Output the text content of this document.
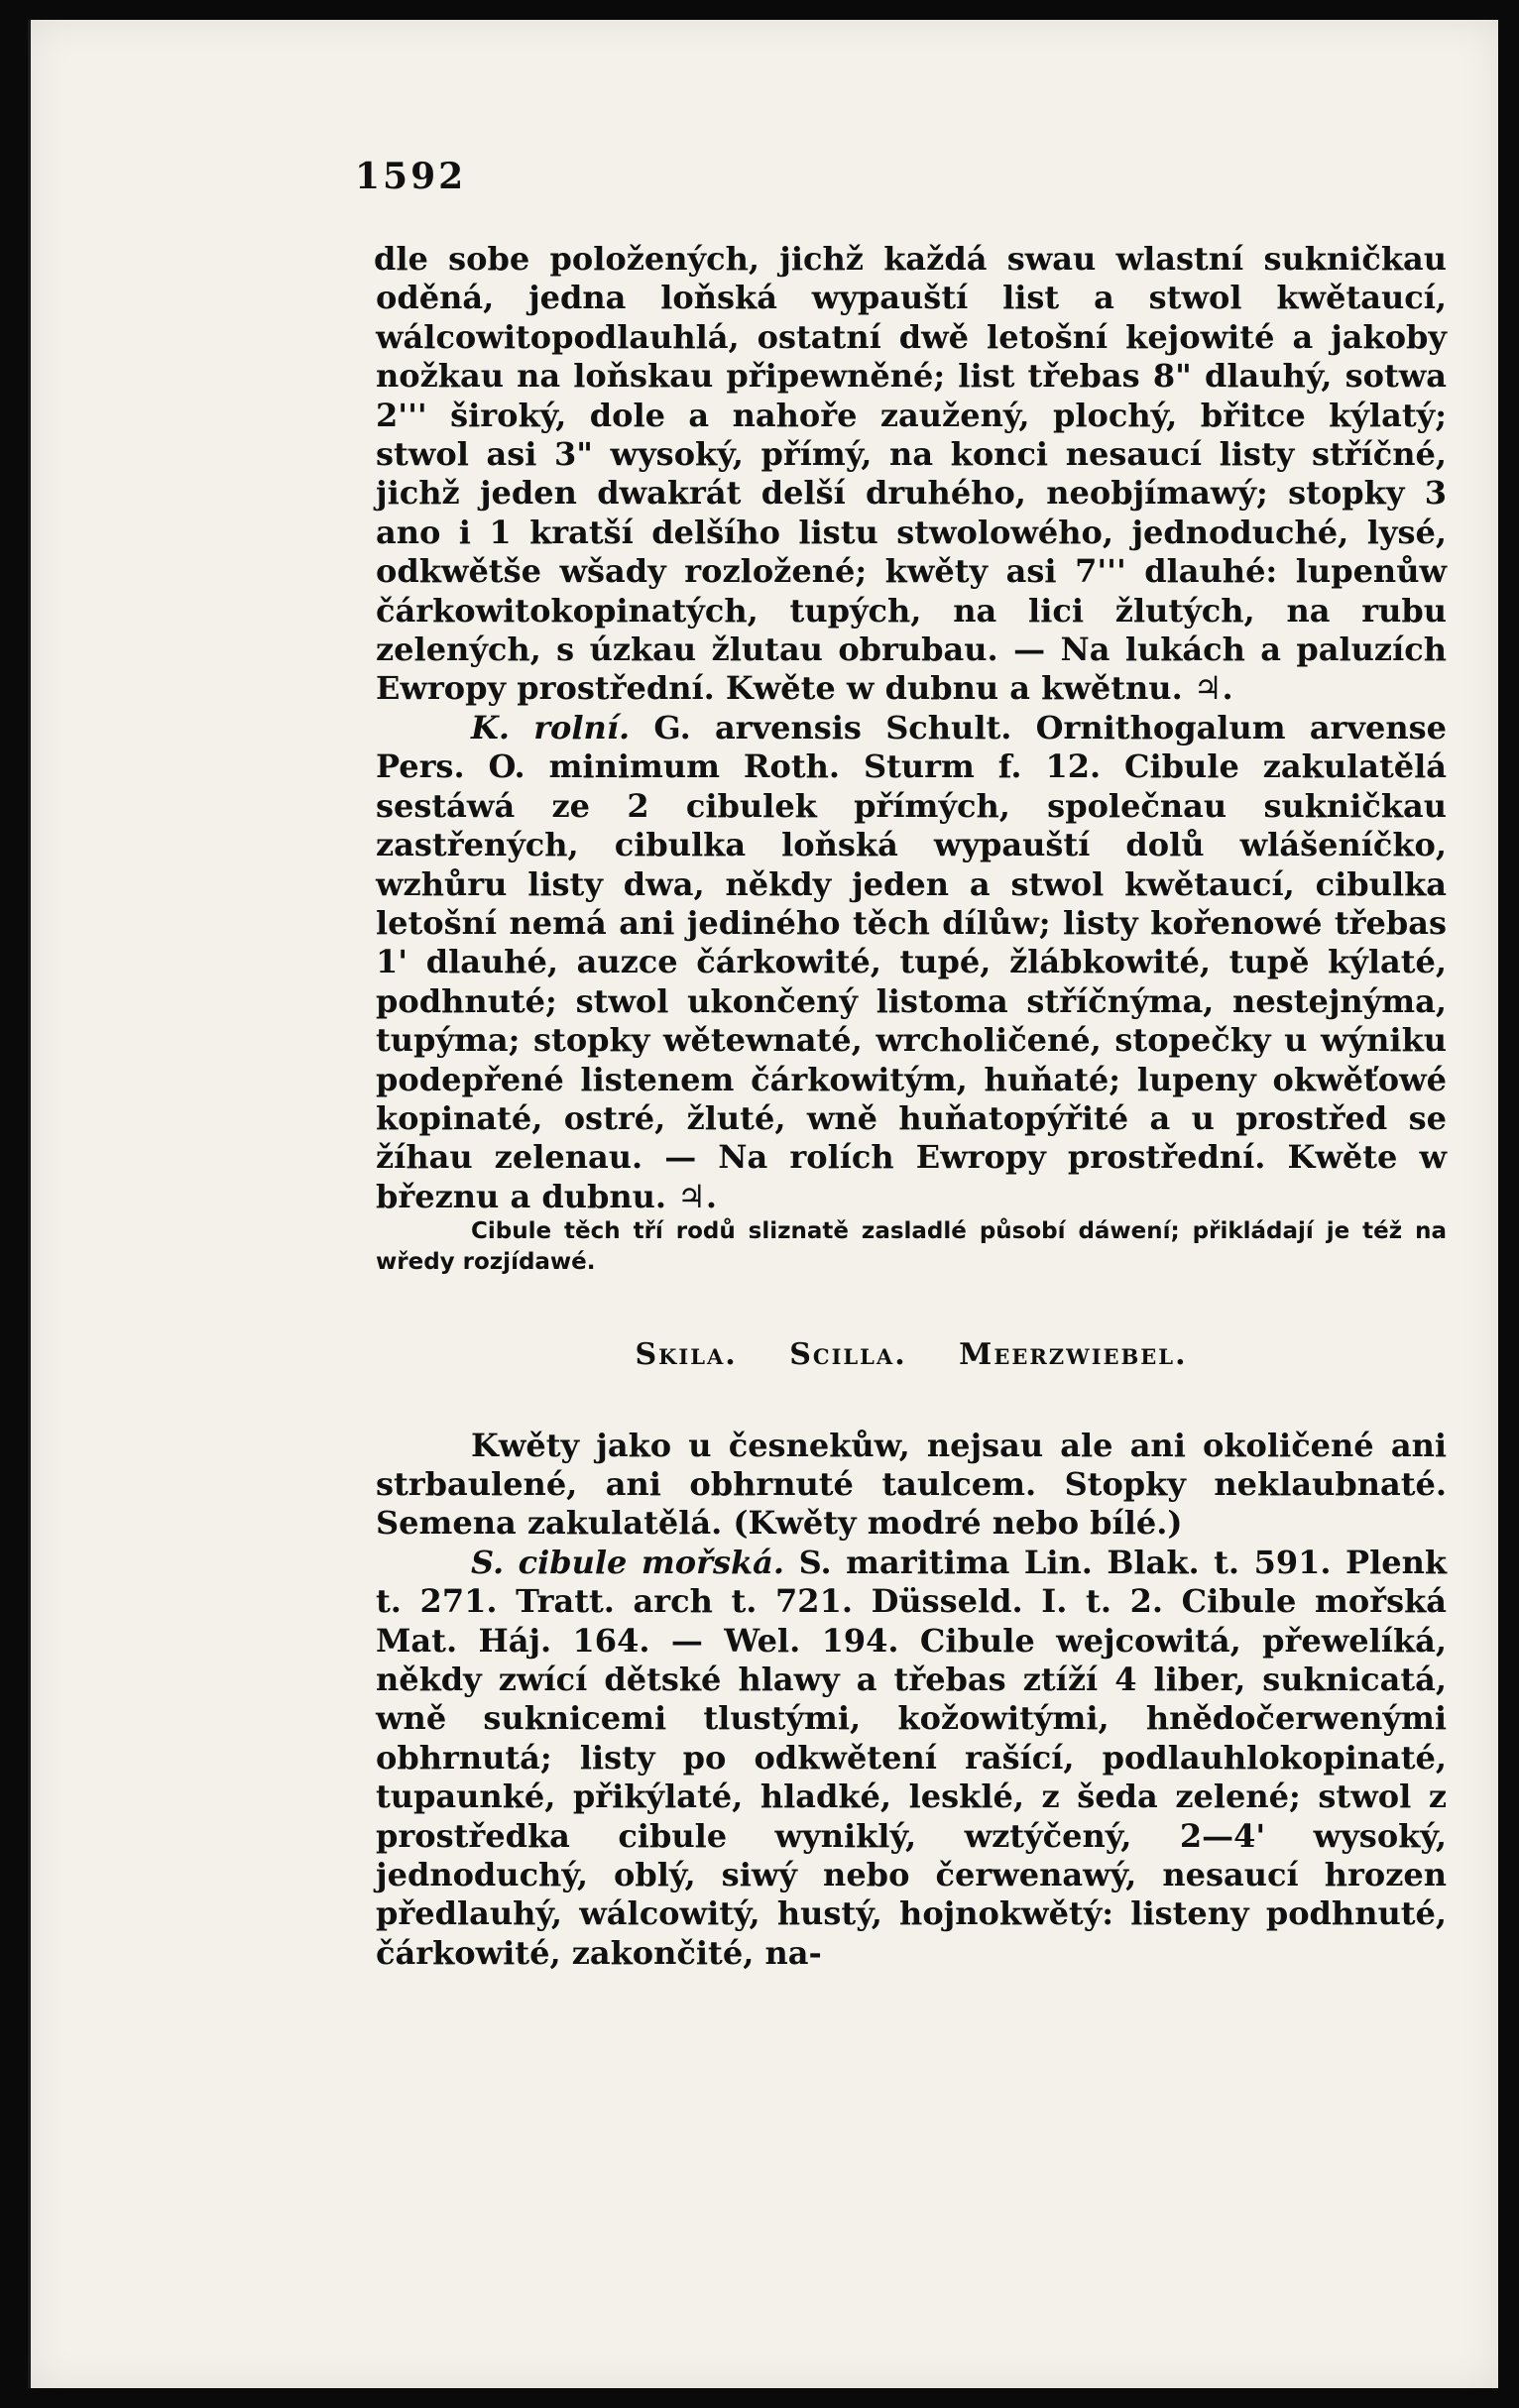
1592

dle sobe položených, jichž každá swau wlastní sukničkau oděná, jedna loňská wypauští list a stwol kwětaucí, wálcowitopodlauhlá, ostatní dwě letošní kejowité a jakoby nožkau na loňskau připewněné; list třebas 8" dlauhý, sotwa 2''' široký, dole a nahoře zaužený, plochý, břitce kýlatý; stwol asi 3" wysoký, přímý, na konci nesaucí listy stříčné, jichž jeden dwakrát delší druhého, neobjímawý; stopky 3 ano i 1 kratší delšího listu stwolowého, jednoduché, lysé, odkwětše wšady rozložené; kwěty asi 7''' dlauhé: lupenůw čárkowitokopinatých, tupých, na lici žlutých, na rubu zelených, s úzkau žlutau obrubau. — Na lukách a paluzích Ewropy prostřední. Kwěte w dubnu a kwětnu. ♃.

K. rolní. G. arvensis Schult. Ornithogalum arvense Pers. O. minimum Roth. Sturm f. 12. Cibule zakulatělá sestáwá ze 2 cibulek přímých, společnau sukničkau zastřených, cibulka loňská wypauští dolů wlášeníčko, wzhůru listy dwa, někdy jeden a stwol kwětaucí, cibulka letošní nemá ani jediného těch dílůw; listy kořenowé třebas 1' dlauhé, auzce čárkowité, tupé, žlábkowité, tupě kýlaté, podhnuté; stwol ukončený listoma stříčnýma, nestejnýma, tupýma; stopky wětewnaté, wrcholičené, stopečky u wýniku podepřené listenem čárkowitým, huňaté; lupeny okwěťowé kopinaté, ostré, žluté, wně huňatopýřité a u prostřed se žíhau zelenau. — Na rolích Ewropy prostřední. Kwěte w březnu a dubnu. ♃.

Cibule těch tří rodů sliznatě zasladlé působí dáwení; přikládají je též na wředy rozjídawé.

Skila. Scilla. Meerzwiebel.

Kwěty jako u česnekůw, nejsau ale ani okoličené ani strbaulené, ani obhrnuté taulcem. Stopky neklaubnaté. Semena zakulatělá. (Kwěty modré nebo bílé.)

S. cibule mořská. S. maritima Lin. Blak. t. 591. Plenk t. 271. Tratt. arch t. 721. Düsseld. I. t. 2. Cibule mořská Mat. Háj. 164. — Wel. 194. Cibule wejcowitá, přewelíká, někdy zwící dětské hlawy a třebas ztíží 4 liber, suknicatá, wně suknicemi tlustými, kožowitými, hnědočerwenými obhrnutá; listy po odkwětení rašící, podlauhlokopinaté, tupaunké, přikýlaté, hladké, lesklé, z šeda zelené; stwol z prostředka cibule wyniklý, wztýčený, 2—4' wysoký, jednoduchý, oblý, siwý nebo čerwenawý, nesaucí hrozen předlauhý, wálcowitý, hustý, hojnokwětý: listeny podhnuté, čárkowité, zakončité, na-
